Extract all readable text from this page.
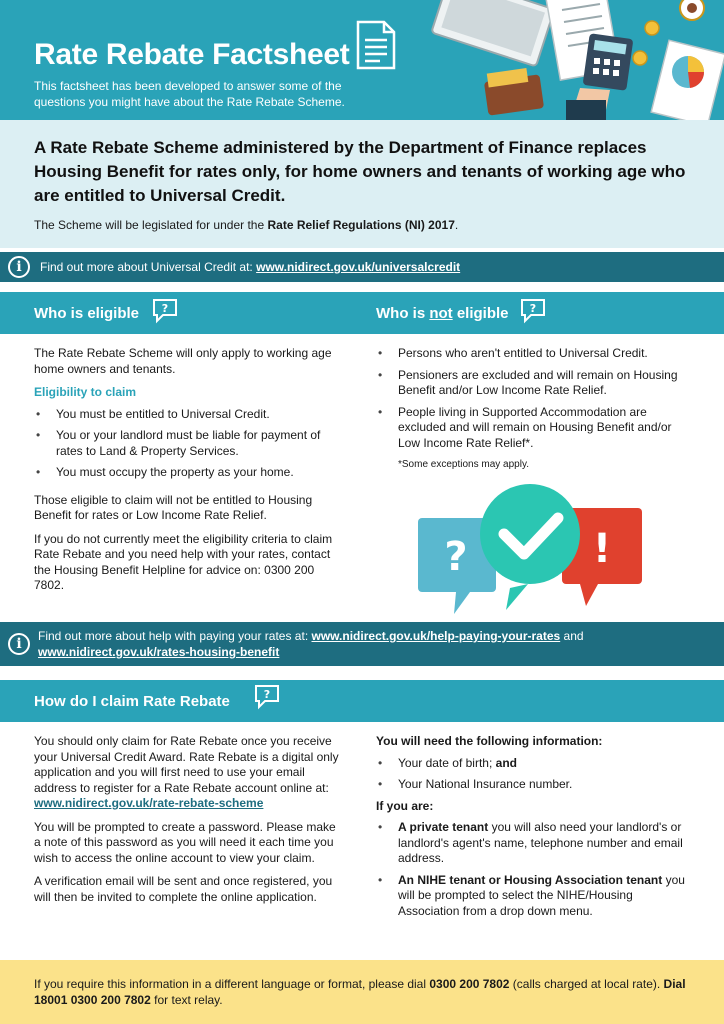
Rate Rebate Factsheet
This factsheet has been developed to answer some of the questions you might have about the Rate Rebate Scheme.
A Rate Rebate Scheme administered by the Department of Finance replaces Housing Benefit for rates only, for home owners and tenants of working age who are entitled to Universal Credit.
The Scheme will be legislated for under the Rate Relief Regulations (NI) 2017.
i	Find out more about Universal Credit at: www.nidirect.gov.uk/universalcredit
Who is eligible ?	Who is not eligible ?

The Rate Rebate Scheme will only apply to working age home owners and tenants.

Eligibility to claim
• You must be entitled to Universal Credit.
• You or your landlord must be liable for payment of rates to Land & Property Services.
• You must occupy the property as your home.

Those eligible to claim will not be entitled to Housing Benefit for rates or Low Income Rate Relief.

If you do not currently meet the eligibility criteria to claim Rate Rebate and you need help with your rates, contact the Housing Benefit Helpline for advice on: 0300 200 7802.

• Persons who aren't entitled to Universal Credit.
• Pensioners are excluded and will remain on Housing Benefit and/or Low Income Rate Relief.
• People living in Supported Accommodation are excluded and will remain on Housing Benefit and/or Low Income Rate Relief*.
*Some exceptions may apply.
?	!
i	Find out more about help with paying your rates at: www.nidirect.gov.uk/help-paying-your-rates and www.nidirect.gov.uk/rates-housing-benefit
How do I claim Rate Rebate	?

You should only claim for Rate Rebate once you receive your Universal Credit Award. Rate Rebate is a digital only application and you will first need to use your email address to register for a Rate Rebate account online at: www.nidirect.gov.uk/rate-rebate-scheme

You will be prompted to create a password. Please make a note of this password as you will need it each time you wish to access the online account to view your claim.

A verification email will be sent and once registered, you will then be invited to complete the online application.

You will need the following information:

• Your date of birth; and
• Your National Insurance number.

If you are:

• A private tenant you will also need your landlord's or landlord's agent's name, telephone number and email address.
• An NIHE tenant or Housing Association tenant you will be prompted to select the NIHE/Housing Association from a drop down menu.
If you require this information in a different language or format, please dial 0300 200 7802 (calls charged at local rate). Dial 18001 0300 200 7802 for text relay.
